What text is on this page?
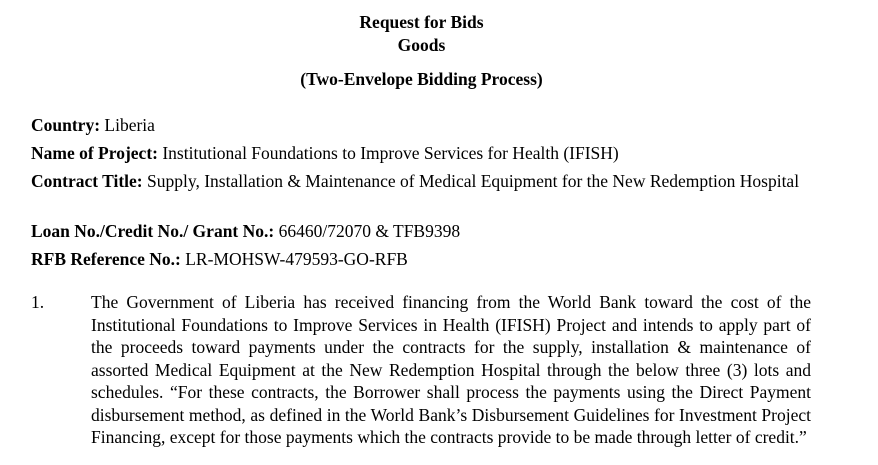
Request for Bids
Goods
(Two-Envelope Bidding Process)
Country: Liberia
Name of Project: Institutional Foundations to Improve Services for Health (IFISH)
Contract Title: Supply, Installation & Maintenance of Medical Equipment for the New Redemption Hospital
Loan No./Credit No./ Grant No.: 66460/72070 & TFB9398
RFB Reference No.: LR-MOHSW-479593-GO-RFB
1.	The Government of Liberia has received financing from the World Bank toward the cost of the Institutional Foundations to Improve Services in Health (IFISH) Project and intends to apply part of the proceeds toward payments under the contracts for the supply, installation & maintenance of assorted Medical Equipment at the New Redemption Hospital through the below three (3) lots and schedules. “For these contracts, the Borrower shall process the payments using the Direct Payment disbursement method, as defined in the World Bank’s Disbursement Guidelines for Investment Project Financing, except for those payments which the contracts provide to be made through letter of credit.”
